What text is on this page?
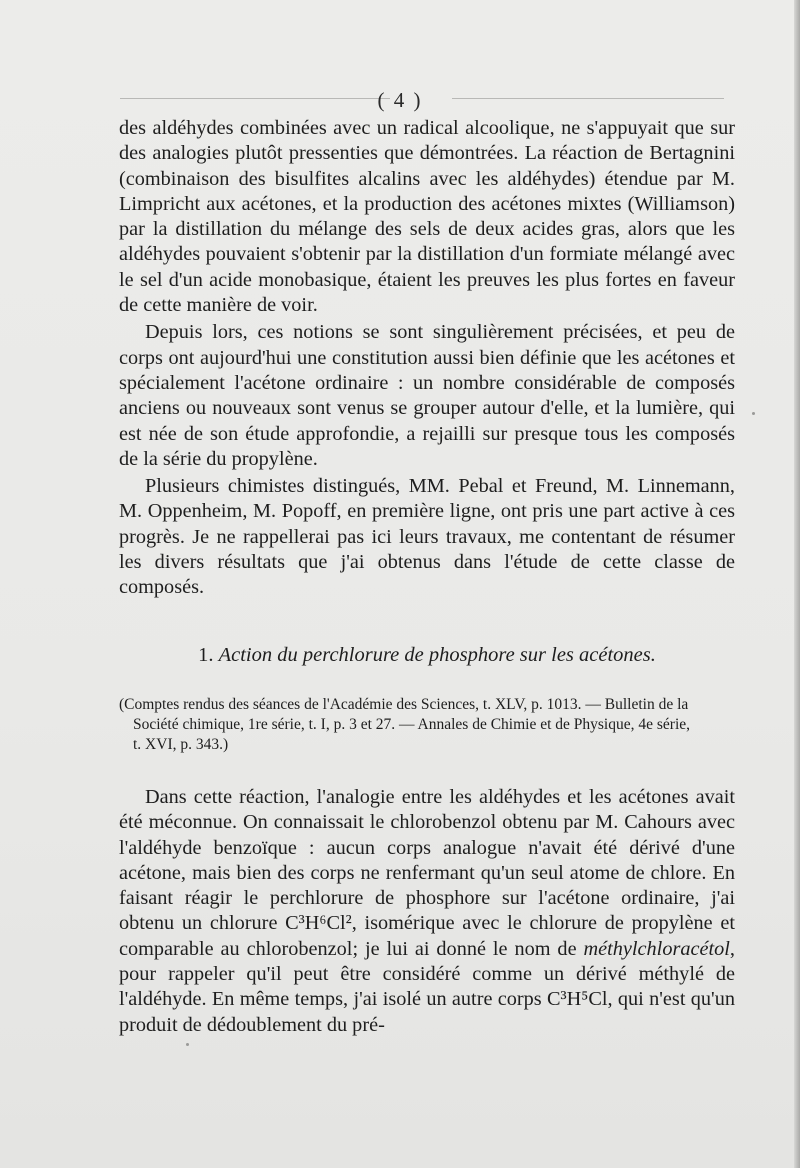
( 4 )

des aldéhydes combinées avec un radical alcoolique, ne s'appuyait que sur des analogies plutôt pressenties que démontrées. La réaction de Bertagnini (combinaison des bisulfites alcalins avec les aldéhydes) étendue par M. Limpricht aux acétones, et la production des acétones mixtes (Williamson) par la distillation du mélange des sels de deux acides gras, alors que les aldéhydes pouvaient s'obtenir par la distillation d'un formiate mélangé avec le sel d'un acide monobasique, étaient les preuves les plus fortes en faveur de cette manière de voir.

Depuis lors, ces notions se sont singulièrement précisées, et peu de corps ont aujourd'hui une constitution aussi bien définie que les acétones et spécialement l'acétone ordinaire : un nombre considérable de composés anciens ou nouveaux sont venus se grouper autour d'elle, et la lumière, qui est née de son étude approfondie, a rejailli sur presque tous les composés de la série du propylène.

Plusieurs chimistes distingués, MM. Pebal et Freund, M. Linnemann, M. Oppenheim, M. Popoff, en première ligne, ont pris une part active à ces progrès. Je ne rappellerai pas ici leurs travaux, me contentant de résumer les divers résultats que j'ai obtenus dans l'étude de cette classe de composés.

1. Action du perchlorure de phosphore sur les acétones.
(Comptes rendus des séances de l'Académie des Sciences, t. XLV, p. 1013. — Bulletin de la

Société chimique, 1re série, t. I, p. 3 et 27. — Annales de Chimie et de Physique, 4e série,
t. XVI, p. 343.)

Dans cette réaction, l'analogie entre les aldéhydes et les acétones avait été méconnue. On connaissait le chlorobenzol obtenu par M. Cahours avec l'aldéhyde benzoïque : aucun corps analogue n'avait été dérivé d'une acétone, mais bien des corps ne renfermant qu'un seul atome de chlore. En faisant réagir le perchlorure de phosphore sur l'acétone ordinaire, j'ai obtenu un chlorure C³H⁶Cl², isomérique avec le chlorure de propylène et comparable au chlorobenzol; je lui ai donné le nom de méthylchloracétol, pour rappeler qu'il peut être considéré comme un dérivé méthylé de l'aldéhyde. En même temps, j'ai isolé un autre corps C³H⁵Cl, qui n'est qu'un produit de dédoublement du pré-
